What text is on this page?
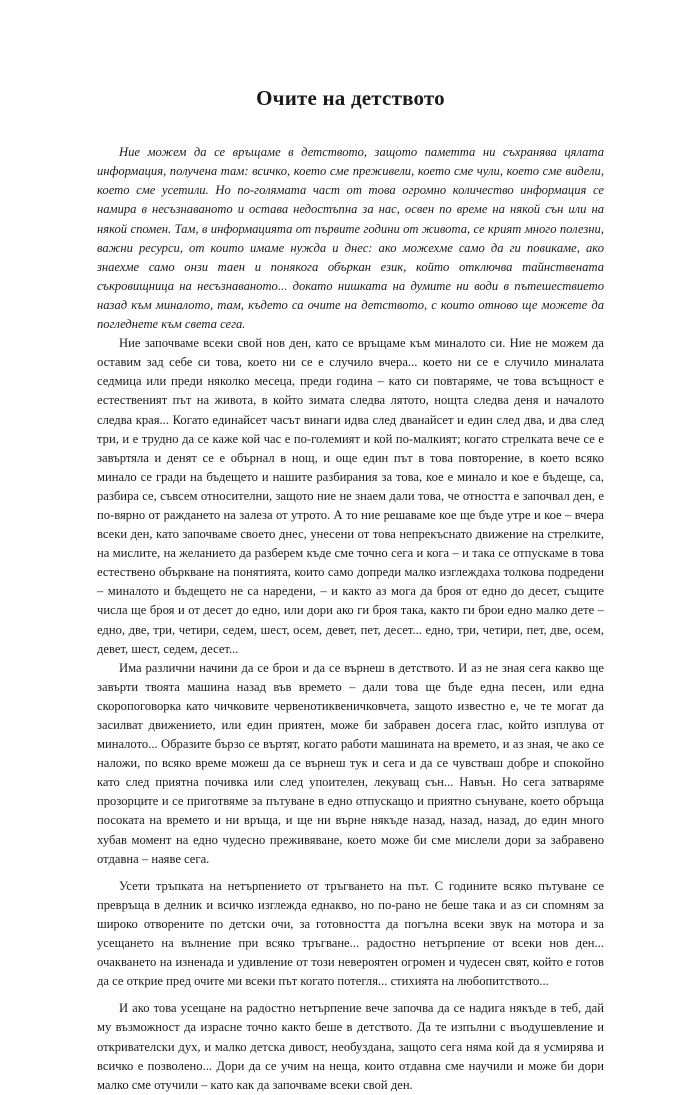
Очите на детството

Ние можем да се връщаме в детството, защото паметта ни съхранява цялата информация, получена там: всичко, което сме преживели, което сме чули, което сме видели, което сме усетили. Но по-голямата част от това огромно количество информация се намира в несъзнаваното и остава недостъпна за нас, освен по време на някой сън или на някой спомен. Там, в информацията от първите години от живота, се крият много полезни, важни ресурси, от които имаме нужда и днес: ако можехме само да ги повикаме, ако знаехме само онзи таен и понякога объркан език, който отключва тайнствената съкровищница на несъзнаваното... докато нишката на думите ни води в пътешествието назад към миналото, там, където са очите на детството, с които отново ще можете да погледнете към света сега.

Ние започваме всеки свой нов ден, като се връщаме към миналото си. Ние не можем да оставим зад себе си това, което ни се е случило вчера... което ни се е случило миналата седмица или преди няколко месеца, преди година – като си повтаряме, че това всъщност е естественият път на живота, в който зимата следва лятото, нощта следва деня и началото следва края... Когато единайсет часът винаги идва след дванайсет и един след два, и два след три, и е трудно да се каже кой час е по-големият и кой по-малкият; когато стрелката вече се е завъртяла и денят се е обърнал в нощ, и още един път в това повторение, в което всяко минало се гради на бъдещето и нашите разбирания за това, кое е минало и кое е бъдеще, са, разбира се, съвсем относителни, защото ние не знаем дали това, че отността е започвал ден, е по-вярно от раждането на залеза от утрото. А то ние решаваме кое ще бъде утре и кое – вчера всеки ден, като започваме своето днес, унесени от това непрекъснато движение на стрелките, на мислите, на желанието да разберем къде сме точно сега и кога – и така се отпускаме в това естествено объркване на понятията, които само допреди малко изглеждаха толкова подредени – миналото и бъдещето не са наредени, – и както аз мога да броя от едно до десет, същите числа ще броя и от десет до едно, или дори ако ги броя така, както ги брои едно малко дете – едно, две, три, четири, седем, шест, осем, девет, пет, десет... едно, три, четири, пет, две, осем, девет, шест, седем, десет...

Има различни начини да се брои и да се върнеш в детството. И аз не зная сега какво ще завърти твоята машина назад във времето – дали това ще бъде една песен, или една скоропоговорка като чичковите червенотиквеничковчета, защото известно е, че те могат да засилват движението, или един приятен, може би забравен досега глас, който изплува от миналото... Образите бързо се въртят, когато работи машината на времето, и аз зная, че ако се наложи, по всяко време можеш да се върнеш тук и сега и да се чувстваш добре и спокойно като след приятна почивка или след упоителен, лекуващ сън... Навън. Но сега затваряме прозорците и се приготвяме за пътуване в едно отпускащо и приятно сънуване, което обръща посоката на времето и ни връща, и ще ни върне някъде назад, назад, назад, до един много хубав момент на едно чудесно преживяване, което може би сме мислели дори за забравено отдавна – наяве сега.

Усети тръпката на нетърпението от тръгването на път. С годините всяко пътуване се превръща в делник и всичко изглежда еднакво, но по-рано не беше така и аз си спомням за широко отворените по детски очи, за готовността да погълна всеки звук на мотора и за усещането на вълнение при всяко тръгване... радостно нетърпение от всеки нов ден... очакването на изненада и удивление от този невероятен огромен и чудесен свят, който е готов да се открие пред очите ми всеки път когато потегля... стихията на любопитството...

И ако това усещане на радостно нетърпение вече започва да се надига някъде в теб, дай му възможност да израсне точно както беше в детството. Да те изпълни с въодушевление и откривателски дух, и малко детска дивост, необуздана, защото сега няма кой да я усмирява и всичко е позволено... Дори да се учим на неща, които отдавна сме научили и може би дори малко сме отучили – като как да започваме всеки свой ден.
